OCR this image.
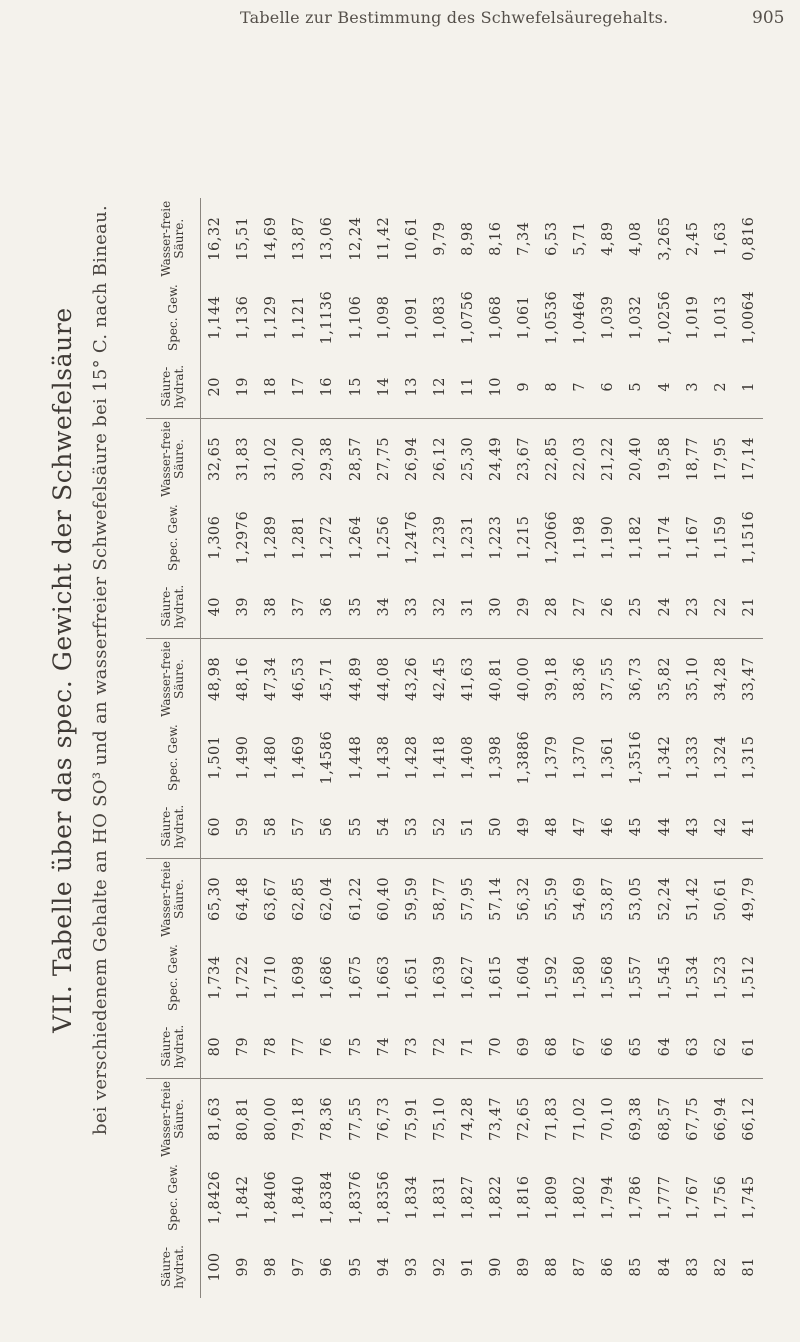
Tabelle zur Bestimmung des Schwefelsäuregehalts.	905
VII. Tabelle über das spec. Gewicht der Schwefelsäure bei verschiedenem Gehalte an HO SO³ und an wasserfreier Schwefelsäure bei 15° C. nach Bineau.
Säure-hydrat.	Spec. Gew.	Wasser-freie Säure.	Säure-hydrat.	Spec. Gew.	Wasser-freie Säure.	Säure-hydrat.	Spec. Gew.	Wasser-freie Säure.	Säure-hydrat.	Spec. Gew.	Wasser-freie Säure.	Säure-hydrat.	Spec. Gew.	Wasser-freie Säure.
100	1,8426	81,63	80	1,734	65,30	60	1,501	48,98	40	1,306	32,65	20	1,144	16,32
99	1,842	80,81	79	1,722	64,48	59	1,490	48,16	39	1,2976	31,83	19	1,136	15,51
98	1,8406	80,00	78	1,710	63,67	58	1,480	47,34	38	1,289	31,02	18	1,129	14,69
97	1,840	79,18	77	1,698	62,85	57	1,469	46,53	37	1,281	30,20	17	1,121	13,87
96	1,8384	78,36	76	1,686	62,04	56	1,4586	45,71	36	1,272	29,38	16	1,1136	13,06
95	1,8376	77,55	75	1,675	61,22	55	1,448	44,89	35	1,264	28,57	15	1,106	12,24
94	1,8356	76,73	74	1,663	60,40	54	1,438	44,08	34	1,256	27,75	14	1,098	11,42
93	1,834	75,91	73	1,651	59,59	53	1,428	43,26	33	1,2476	26,94	13	1,091	10,61
92	1,831	75,10	72	1,639	58,77	52	1,418	42,45	32	1,239	26,12	12	1,083	9,79
91	1,827	74,28	71	1,627	57,95	51	1,408	41,63	31	1,231	25,30	11	1,0756	8,98
90	1,822	73,47	70	1,615	57,14	50	1,398	40,81	30	1,223	24,49	10	1,068	8,16
89	1,816	72,65	69	1,604	56,32	49	1,3886	40,00	29	1,215	23,67	9	1,061	7,34
88	1,809	71,83	68	1,592	55,59	48	1,379	39,18	28	1,2066	22,85	8	1,0536	6,53
87	1,802	71,02	67	1,580	54,69	47	1,370	38,36	27	1,198	22,03	7	1,0464	5,71
86	1,794	70,10	66	1,568	53,87	46	1,361	37,55	26	1,190	21,22	6	1,039	4,89
85	1,786	69,38	65	1,557	53,05	45	1,3516	36,73	25	1,182	20,40	5	1,032	4,08
84	1,777	68,57	64	1,545	52,24	44	1,342	35,82	24	1,174	19,58	4	1,0256	3,265
83	1,767	67,75	63	1,534	51,42	43	1,333	35,10	23	1,167	18,77	3	1,019	2,45
82	1,756	66,94	62	1,523	50,61	42	1,324	34,28	22	1,159	17,95	2	1,013	1,63
81	1,745	66,12	61	1,512	49,79	41	1,315	33,47	21	1,1516	17,14	1	1,0064	0,816
